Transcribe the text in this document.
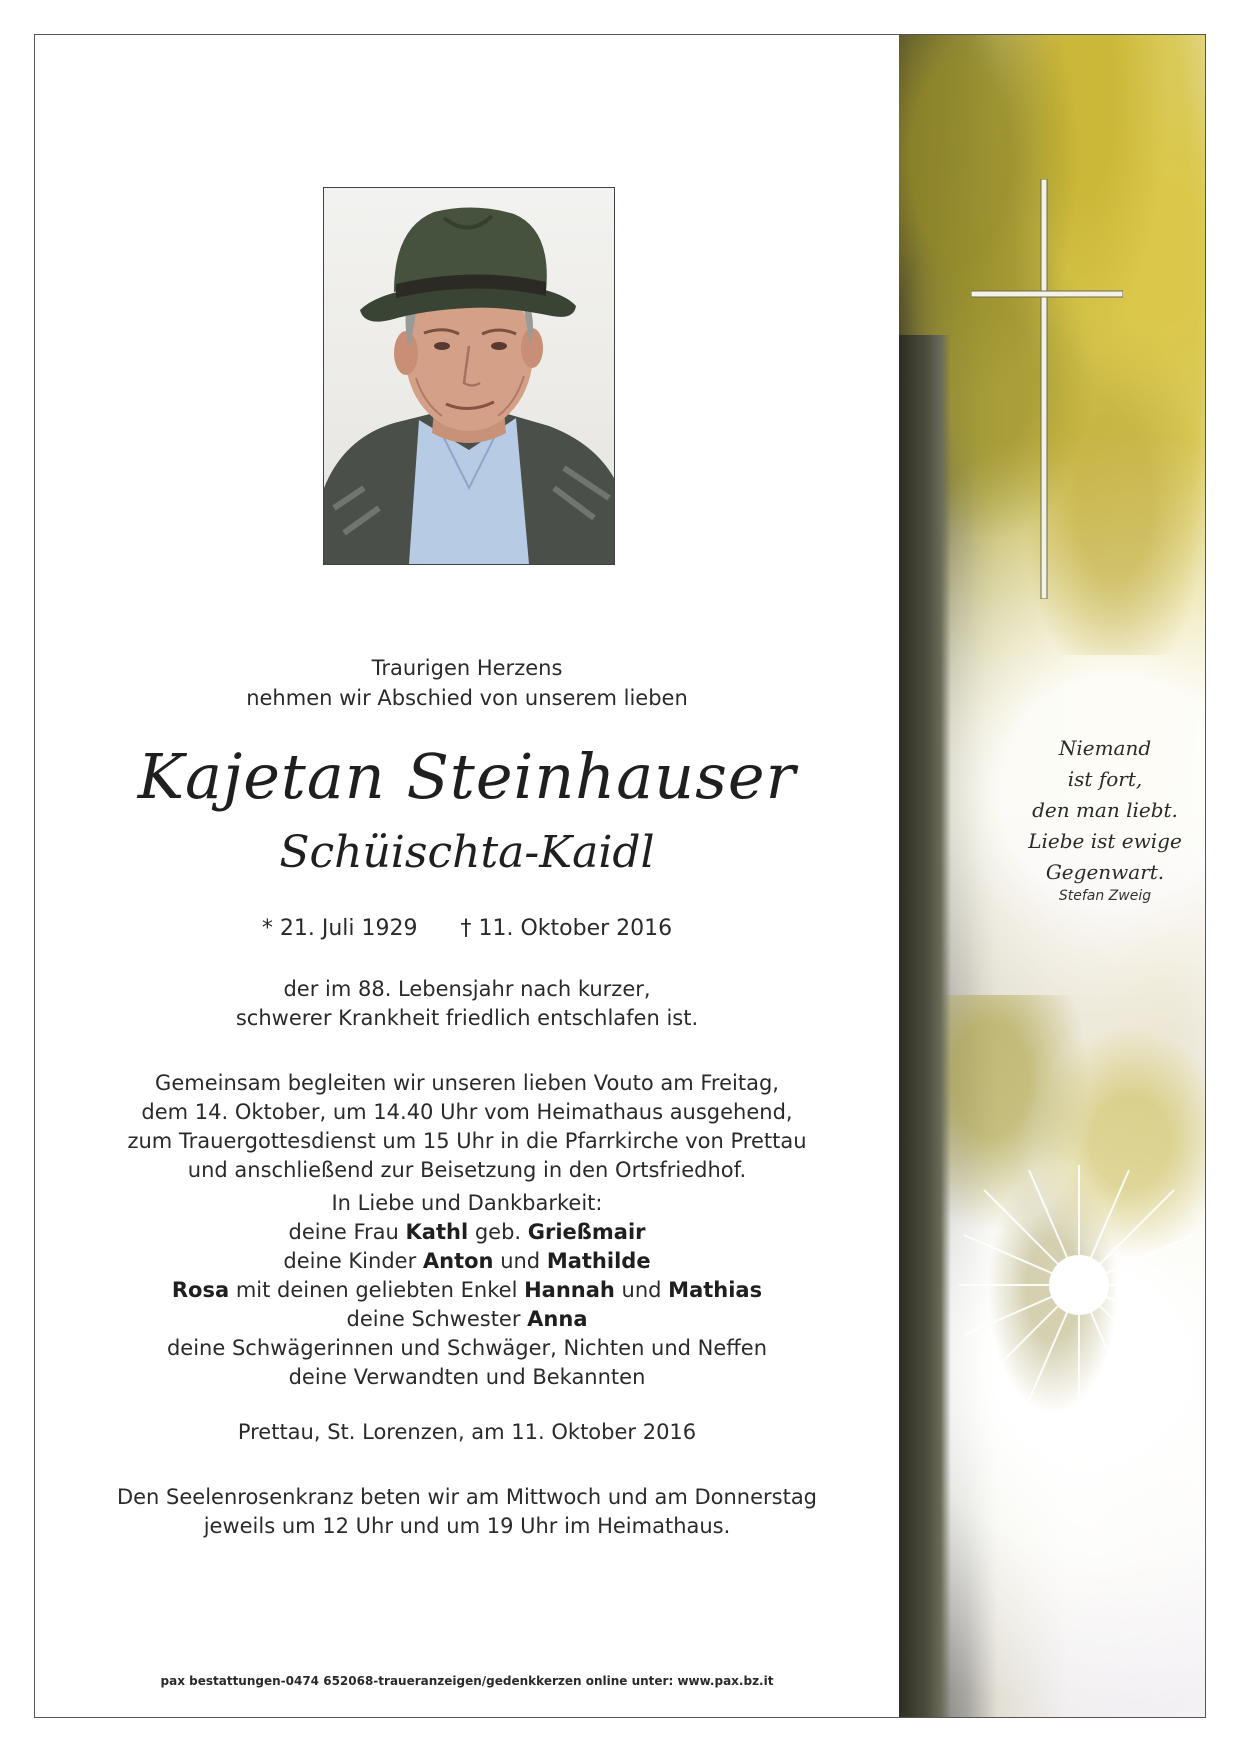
Traurigen Herzens
nehmen wir Abschied von unserem lieben
Kajetan Steinhauser
Schüischta-Kaidl
* 21. Juli 1929 † 11. Oktober 2016
der im 88. Lebensjahr nach kurzer,
schwerer Krankheit friedlich entschlafen ist.
Gemeinsam begleiten wir unseren lieben Vouto am Freitag,
dem 14. Oktober, um 14.40 Uhr vom Heimathaus ausgehend,
zum Trauergottesdienst um 15 Uhr in die Pfarrkirche von Prettau
und anschließend zur Beisetzung in den Ortsfriedhof.
In Liebe und Dankbarkeit:
deine Frau Kathl geb. Grießmair
deine Kinder Anton und Mathilde
Rosa mit deinen geliebten Enkel Hannah und Mathias
deine Schwester Anna
deine Schwägerinnen und Schwäger, Nichten und Neffen
deine Verwandten und Bekannten
Prettau, St. Lorenzen, am 11. Oktober 2016
Den Seelenrosenkranz beten wir am Mittwoch und am Donnerstag
jeweils um 12 Uhr und um 19 Uhr im Heimathaus.
pax bestattungen-0474 652068-traueranzeigen/gedenkkerzen online unter: www.pax.bz.it
Niemand
ist fort,
den man liebt.
Liebe ist ewige
Gegenwart.
Stefan Zweig
